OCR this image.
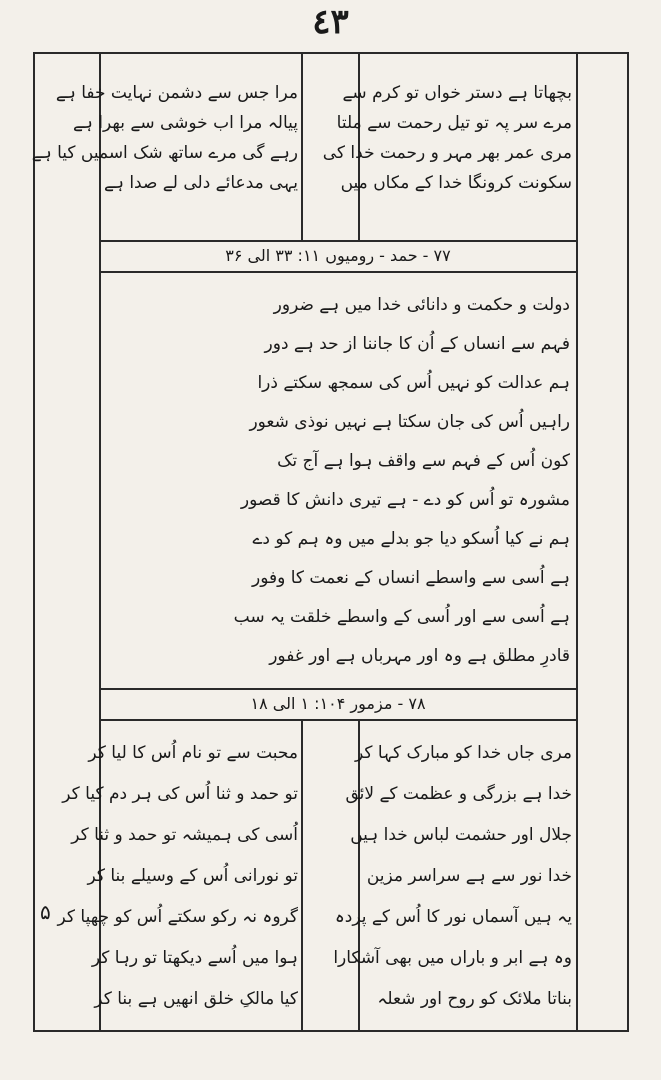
٤٣

بچھاتا ہے دستر خواں تو کرم سے

مرے سر پہ تو تیل رحمت سے ملتا

مری عمر بھر مہر و رحمت خدا کی

سکونت کرونگا خدا کے مکاں میں

مرا جس سے دشمن نہایت خفا ہے

پیالہ مرا اب خوشی سے بھرا ہے

رہے گی مرے ساتھ شک اسمیں کیا ہے

یہی مدعائے دلی لے صدا ہے

۷۷ - حمد - رومیوں ۱۱: ۳۳ الی ۳۶

دولت و حکمت و دانائی خدا میں ہے ضرور

فہم سے انساں کے اُن کا جاننا از حد ہے دور

ہم عدالت کو نہیں اُس کی سمجھ سکتے ذرا

راہیں اُس کی جان سکتا ہے نہیں نوذی شعور

کون اُس کے فہم سے واقف ہوا ہے آج تک

مشورہ تو اُس کو دے - ہے تیری دانش کا قصور

ہم نے کیا اُسکو دیا جو بدلے میں وہ ہم کو دے

ہے اُسی سے واسطے انساں کے نعمت کا وفور

ہے اُسی سے اور اُسی کے واسطے خلقت یہ سب

قادرِ مطلق ہے وہ اور مہرباں ہے اور غفور

۷۸ - مزمور ۱۰۴: ۱ الی ۱۸

مری جاں خدا کو مبارک کہا کر

خدا ہے بزرگی و عظمت کے لائق

جلال اور حشمت لباس خدا ہیں

خدا نور سے ہے سراسر مزین

یہ ہیں آسماں نور کا اُس کے پردہ

وہ ہے ابر و باراں میں بھی آشکارا

بناتا ملائک کو روح اور شعلہ

محبت سے تو نام اُس کا لیا کر

تو حمد و ثنا اُس کی ہر دم کیا کر

اُسی کی ہمیشہ تو حمد و ثنا کر

تو نورانی اُس کے وسیلے بنا کر

گروہ نہ رکو سکتے اُس کو چھپا کر

ہوا میں اُسے دیکھتا تو رہا کر

کیا مالکِ خلق انھیں ہے بنا کر

۵
